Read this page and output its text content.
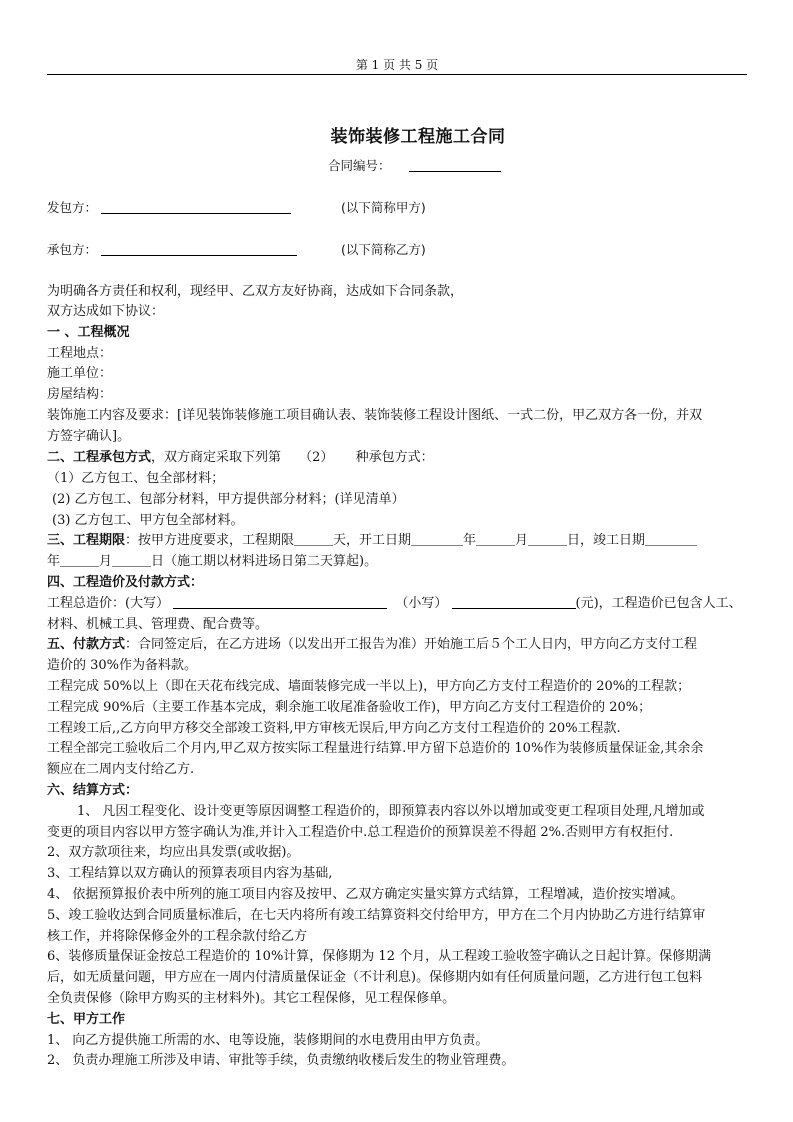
第 1 页 共 5 页
装饰装修工程施工合同
合同编号：
发包方：	(以下简称甲方)
承包方：	(以下简称乙方)
为明确各方责任和权利，现经甲、乙双方友好协商，达成如下合同条款，
双方达成如下协议：
一 、工程概况
工程地点：
施工单位：
房屋结构：
装饰施工内容及要求：[详见装饰装修施工项目确认表、装饰装修工程设计图纸、一式二份，甲乙双方各一份，并双
方签字确认]。
二、工程承包方式，双方商定采取下列第 （2） 种承包方式：
（1）乙方包工、包全部材料；
(2) 乙方包工、包部分材料，甲方提供部分材料；(详见清单）
(3) 乙方包工、甲方包全部材料。
三、工程期限：按甲方进度要求，工程期限＿＿＿天，开工日期＿＿＿＿年＿＿＿月＿＿＿日，竣工日期＿＿＿＿
年＿＿＿月＿＿＿日（施工期以材料进场日第二天算起)。
四、工程造价及付款方式：
工程总造价：(大写）	（小写）	(元)，工程造价已包含人工、
材料、机械工具、管理费、配合费等。
五、付款方式：合同签定后，在乙方进场（以发出开工报告为准）开始施工后５个工人日内，甲方向乙方支付工程
造价的 30%作为备料款。
工程完成 50%以上（即在天花布线完成、墙面装修完成一半以上)，甲方向乙方支付工程造价的 20%的工程款；
工程完成 90%后（主要工作基本完成，剩余施工收尾准备验收工作)，甲方向乙方支付工程造价的 20%；
工程竣工后,,乙方向甲方移交全部竣工资料,甲方审核无误后,甲方向乙方支付工程造价的 20%工程款.
工程全部完工验收后二个月内,甲乙双方按实际工程量进行结算.甲方留下总造价的 10%作为装修质量保证金,其余余
额应在二周内支付给乙方.
六、结算方式：
1、 凡因工程变化、设计变更等原因调整工程造价的，即预算表内容以外以增加或变更工程项目处理,凡增加或
变更的项目内容以甲方签字确认为准,并计入工程造价中.总工程造价的预算误差不得超 2%.否则甲方有权拒付.
2、双方款项往来，均应出具发票(或收据)。
3、工程结算以双方确认的预算表项目内容为基础,
4、 依据预算报价表中所列的施工项目内容及按甲、乙双方确定实量实算方式结算，工程增减，造价按实增减。
5、竣工验收达到合同质量标准后，在七天内将所有竣工结算资料交付给甲方，甲方在二个月内协助乙方进行结算审
核工作，并将除保修金外的工程余款付给乙方
6、装修质量保证金按总工程造价的 10%计算，保修期为 12 个月，从工程竣工验收签字确认之日起计算。保修期满
后，如无质量问题，甲方应在一周内付清质量保证金（不计利息)。保修期内如有任何质量问题，乙方进行包工包料
全负责保修（除甲方购买的主材料外)。其它工程保修，见工程保修单。
七、甲方工作
1、 向乙方提供施工所需的水、电等设施，装修期间的水电费用由甲方负责。
2、 负责办理施工所涉及申请、审批等手续，负责缴纳收楼后发生的物业管理费。
